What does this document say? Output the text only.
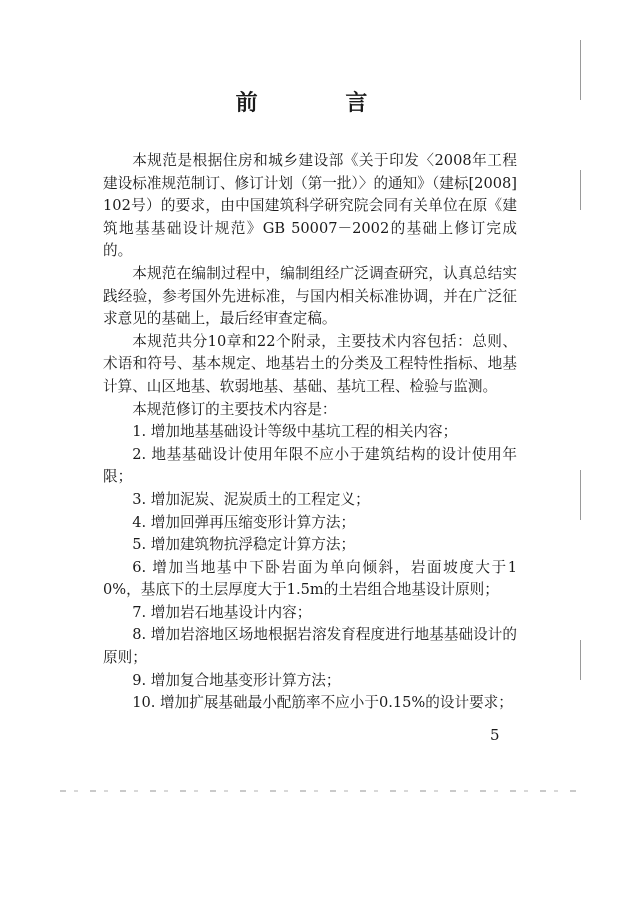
前 言

本规范是根据住房和城乡建设部《关于印发〈2008年工程建设标准规范制订、修订计划（第一批）〉的通知》（建标[2008]102号）的要求，由中国建筑科学研究院会同有关单位在原《建筑地基基础设计规范》GB 50007－2002的基础上修订完成的。

本规范在编制过程中，编制组经广泛调查研究，认真总结实践经验，参考国外先进标准，与国内相关标准协调，并在广泛征求意见的基础上，最后经审查定稿。

本规范共分10章和22个附录，主要技术内容包括：总则、术语和符号、基本规定、地基岩土的分类及工程特性指标、地基计算、山区地基、软弱地基、基础、基坑工程、检验与监测。

本规范修订的主要技术内容是：

1. 增加地基基础设计等级中基坑工程的相关内容；

2. 地基基础设计使用年限不应小于建筑结构的设计使用年限；

3. 增加泥炭、泥炭质土的工程定义；

4. 增加回弹再压缩变形计算方法；

5. 增加建筑物抗浮稳定计算方法；

6. 增加当地基中下卧岩面为单向倾斜，岩面坡度大于10%，基底下的土层厚度大于1.5m的土岩组合地基设计原则；

7. 增加岩石地基设计内容；

8. 增加岩溶地区场地根据岩溶发育程度进行地基基础设计的原则；

9. 增加复合地基变形计算方法；

10. 增加扩展基础最小配筋率不应小于0.15%的设计要求；

5
